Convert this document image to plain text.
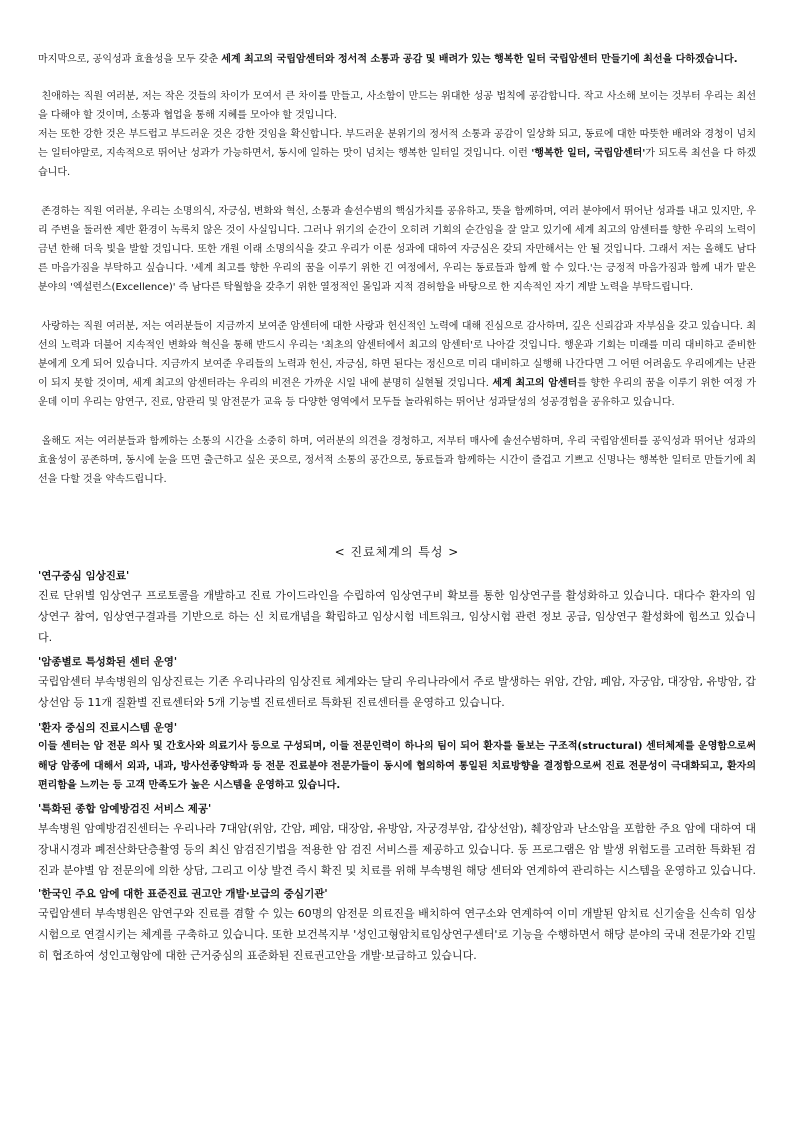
마지막으로, 공익성과 효율성을 모두 갖춘 세계 최고의 국립암센터와 정서적 소통과 공감 및 배려가 있는 행복한 일터 국립암센터 만들기에 최선을 다하겠습니다.

친애하는 직원 여러분, 저는 작은 것들의 차이가 모여서 큰 차이를 만들고, 사소함이 만드는 위대한 성공 법칙에 공감합니다. 작고 사소해 보이는 것부터 우리는 최선을 다해야 할 것이며, 소통과 협업을 통해 지혜를 모아야 할 것입니다.

저는 또한 강한 것은 부드럽고 부드러운 것은 강한 것임을 확신합니다. 부드러운 분위기의 정서적 소통과 공감이 일상화 되고, 동료에 대한 따뜻한 배려와 경청이 넘치는 일터야말로, 지속적으로 뛰어난 성과가 가능하면서, 동시에 일하는 맛이 넘치는 행복한 일터일 것입니다. 이런 '행복한 일터, 국립암센터'가 되도록 최선을 다 하겠습니다.

존경하는 직원 여러분, 우리는 소명의식, 자긍심, 변화와 혁신, 소통과 솔선수범의 핵심가치를 공유하고, 뜻을 함께하며, 여러 분야에서 뛰어난 성과를 내고 있지만, 우리 주변을 둘러싼 제반 환경이 녹록치 않은 것이 사실입니다. 그러나 위기의 순간이 오히려 기회의 순간임을 잘 알고 있기에 세계 최고의 암센터를 향한 우리의 노력이 금년 한해 더욱 빛을 발할 것입니다. 또한 개원 이래 소명의식을 갖고 우리가 이룬 성과에 대하여 자긍심은 갖되 자만해서는 안 될 것입니다. 그래서 저는 올해도 남다른 마음가짐을 부탁하고 싶습니다. '세계 최고를 향한 우리의 꿈을 이루기 위한 긴 여정에서, 우리는 동료들과 함께 할 수 있다.'는 긍정적 마음가짐과 함께 내가 맡은 분야의 '엑설런스(Excellence)' 즉 남다른 탁월함을 갖추기 위한 열정적인 몰입과 지적 겸허함을 바탕으로 한 지속적인 자기 계발 노력을 부탁드립니다.

사랑하는 직원 여러분, 저는 여러분들이 지금까지 보여준 암센터에 대한 사랑과 헌신적인 노력에 대해 진심으로 감사하며, 깊은 신뢰감과 자부심을 갖고 있습니다. 최선의 노력과 더불어 지속적인 변화와 혁신을 통해 반드시 우리는 '최초의 암센터에서 최고의 암센터'로 나아갈 것입니다. 행운과 기회는 미래를 미리 대비하고 준비한 분에게 오게 되어 있습니다. 지금까지 보여준 우리들의 노력과 헌신, 자긍심, 하면 된다는 정신으로 미리 대비하고 실행해 나간다면 그 어떤 어려움도 우리에게는 난관이 되지 못할 것이며, 세계 최고의 암센터라는 우리의 비전은 가까운 시일 내에 분명히 실현될 것입니다. 세계 최고의 암센터를 향한 우리의 꿈을 이루기 위한 여정 가운데 이미 우리는 암연구, 진료, 암관리 및 암전문가 교육 등 다양한 영역에서 모두들 놀라워하는 뛰어난 성과달성의 성공경험을 공유하고 있습니다.

올해도 저는 여러분들과 함께하는 소통의 시간을 소중히 하며, 여러분의 의견을 경청하고, 저부터 매사에 솔선수범하며, 우리 국립암센터를 공익성과 뛰어난 성과의 효율성이 공존하며, 동시에 눈을 뜨면 출근하고 싶은 곳으로, 정서적 소통의 공간으로, 동료들과 함께하는 시간이 즐겁고 기쁘고 신명나는 행복한 일터로 만들기에 최선을 다할 것을 약속드립니다.

< 진료체계의 특성 >

'연구중심 임상진료'

진료 단위별 임상연구 프로토콜을 개발하고 진료 가이드라인을 수립하여 임상연구비 확보를 통한 임상연구를 활성화하고 있습니다. 대다수 환자의 임상연구 참여, 임상연구결과를 기반으로 하는 신 치료개념을 확립하고 임상시험 네트워크, 임상시험 관련 정보 공급, 임상연구 활성화에 힘쓰고 있습니다.

'암종별로 특성화된 센터 운영'

국립암센터 부속병원의 임상진료는 기존 우리나라의 임상진료 체계와는 달리 우리나라에서 주로 발생하는 위암, 간암, 폐암, 자궁암, 대장암, 유방암, 갑상선암 등 11개 질환별 진료센터와 5개 기능별 진료센터로 특화된 진료센터를 운영하고 있습니다.

'환자 중심의 진료시스템 운영'

이들 센터는 암 전문 의사 및 간호사와 의료기사 등으로 구성되며, 이들 전문인력이 하나의 팀이 되어 환자를 돌보는 구조적(structural) 센터체제를 운영함으로써 해당 암종에 대해서 외과, 내과, 방사선종양학과 등 전문 진료분야 전문가들이 동시에 협의하여 통일된 치료방향을 결정함으로써 진료 전문성이 극대화되고, 환자의 편리함을 느끼는 등 고객 만족도가 높은 시스템을 운영하고 있습니다.

'특화된 종합 암예방검진 서비스 제공'

부속병원 암예방검진센터는 우리나라 7대암(위암, 간암, 폐암, 대장암, 유방암, 자궁경부암, 갑상선암), 췌장암과 난소암을 포함한 주요 암에 대하여 대장내시경과 폐전산화단층촬영 등의 최신 암검진기법을 적용한 암 검진 서비스를 제공하고 있습니다. 동 프로그램은 암 발생 위험도를 고려한 특화된 검진과 분야별 암 전문의에 의한 상담, 그리고 이상 발견 즉시 확진 및 치료를 위해 부속병원 해당 센터와 연계하여 관리하는 시스템을 운영하고 있습니다.

'한국인 주요 암에 대한 표준진료 권고안 개발·보급의 중심기관'

국립암센터 부속병원은 암연구와 진료를 겸할 수 있는 60명의 암전문 의료진을 배치하여 연구소와 연계하여 이미 개발된 암치료 신기술을 신속히 임상시험으로 연결시키는 체계를 구축하고 있습니다. 또한 보건복지부 '성인고형암치료임상연구센터'로 기능을 수행하면서 해당 분야의 국내 전문가와 긴밀히 협조하여 성인고형암에 대한 근거중심의 표준화된 진료권고안을 개발·보급하고 있습니다.
